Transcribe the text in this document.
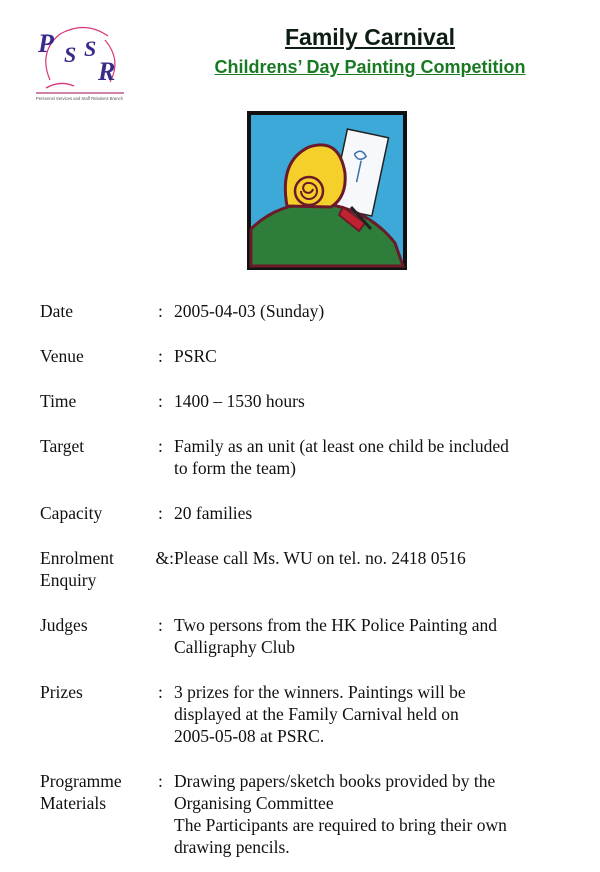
P S S
R
Personnel Services and Staff Relations Branch
Family Carnival
Childrens’ Day Painting Competition
Date	: 2005-04-03 (Sunday)
Venue	: PSRC
Time	: 1400 – 1530 hours
Target	: Family as an unit (at least one child be included
to form the team)
Capacity	: 20 families
Enrolment
Enquiry
&: Please call Ms. WU on tel. no. 2418 0516
Judges	: Two persons from the HK Police Painting and
Calligraphy Club
Prizes	: 3 prizes for the winners. Paintings will be
displayed at the Family Carnival held on
2005-05-08 at PSRC.
Programme
Materials
: Drawing papers/sketch books provided by the
Organising Committee
The Participants are required to bring their own
drawing pencils.
